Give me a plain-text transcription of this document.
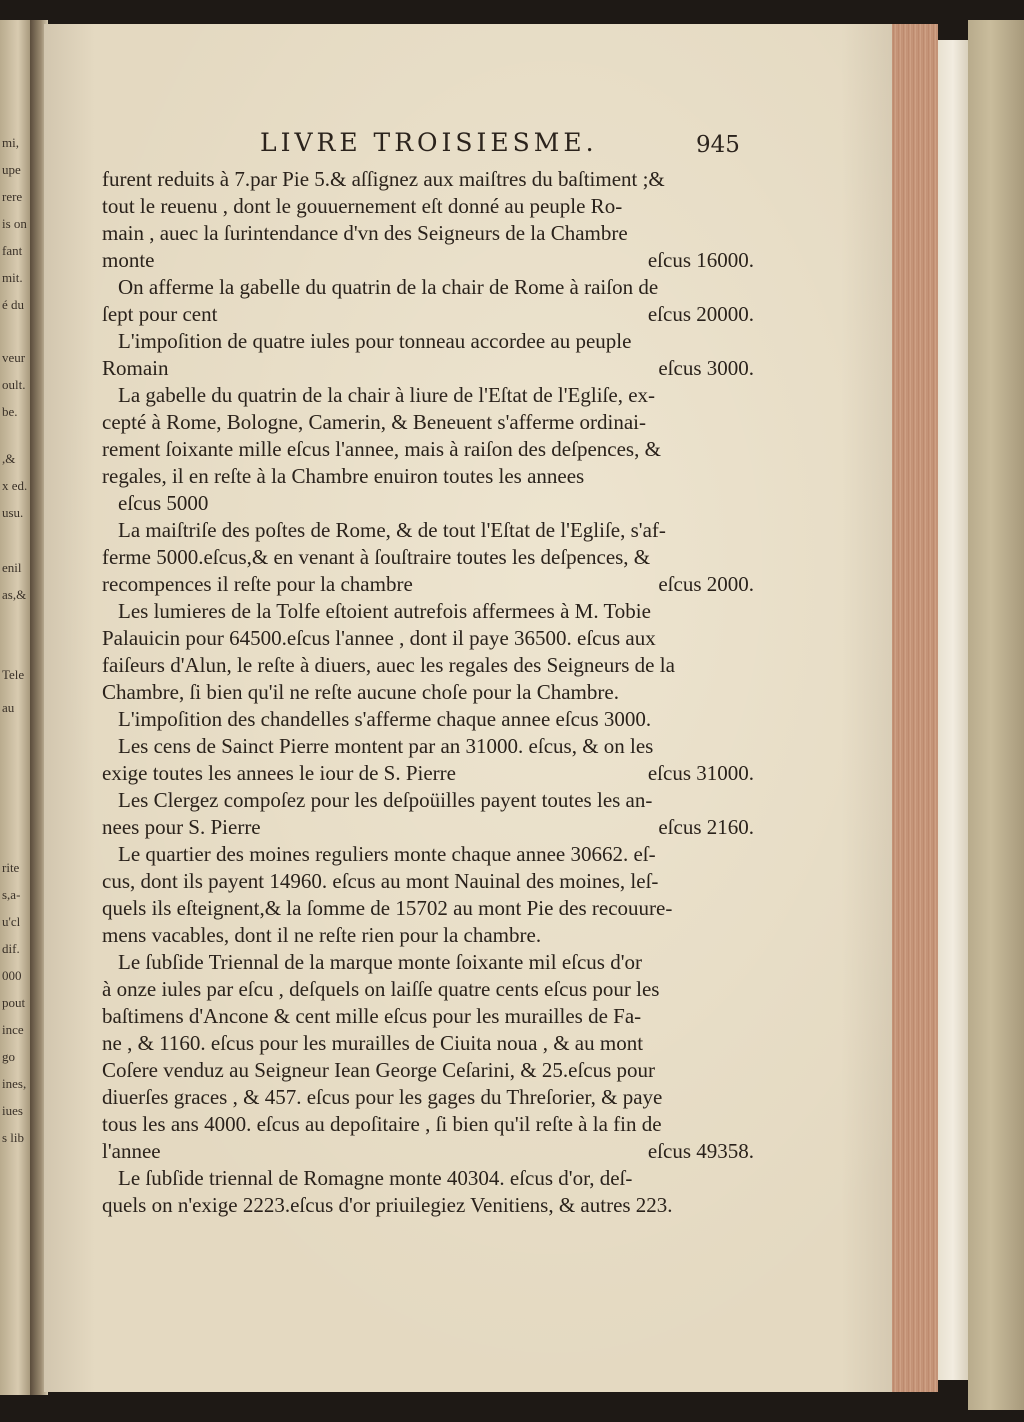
mi,
upe
rere
is on
fant
mit.
é du
veur
oult.
be.
,&
x ed.
usu.
enil
as,&
Tele
au
rite
s,a-
u'cl
dif.
000
pout
ince
go
ines,
iues
s lib
LIVRE TROISIESME.	945
furent reduits à 7.par Pie 5.& aſſignez aux maiſtres du baſtiment ;&
tout le reuenu , dont le gouuernement eſt donné au peuple Ro-
main , auec la ſurintendance d'vn des Seigneurs de la Chambre
monte	eſcus 16000.
On afferme la gabelle du quatrin de la chair de Rome à raiſon de
ſept pour cent	eſcus 20000.
L'impoſition de quatre iules pour tonneau accordee au peuple
Romain	eſcus 3000.
La gabelle du quatrin de la chair à liure de l'Eſtat de l'Egliſe, ex-
cepté à Rome, Bologne, Camerin, & Beneuent s'afferme ordinai-
rement ſoixante mille eſcus l'annee, mais à raiſon des deſpences, &
regales, il en reſte à la Chambre enuiron toutes les annees
eſcus 5000
La maiſtriſe des poſtes de Rome, & de tout l'Eſtat de l'Egliſe, s'af-
ferme 5000.eſcus,& en venant à ſouſtraire toutes les deſpences, &
recompences il reſte pour la chambre	eſcus 2000.
Les lumieres de la Tolfe eſtoient autrefois affermees à M. Tobie
Palauicin pour 64500.eſcus l'annee , dont il paye 36500. eſcus aux
faiſeurs d'Alun, le reſte à diuers, auec les regales des Seigneurs de la
Chambre, ſi bien qu'il ne reſte aucune choſe pour la Chambre.
L'impoſition des chandelles s'afferme chaque annee eſcus 3000.
Les cens de Sainct Pierre montent par an 31000. eſcus, & on les
exige toutes les annees le iour de S. Pierre	eſcus 31000.
Les Clergez compoſez pour les deſpoüilles payent toutes les an-
nees pour S. Pierre	eſcus 2160.
Le quartier des moines reguliers monte chaque annee 30662. eſ-
cus, dont ils payent 14960. eſcus au mont Nauinal des moines, leſ-
quels ils eſteignent,& la ſomme de 15702 au mont Pie des recouure-
mens vacables, dont il ne reſte rien pour la chambre.
Le ſubſide Triennal de la marque monte ſoixante mil eſcus d'or
à onze iules par eſcu , deſquels on laiſſe quatre cents eſcus pour les
baſtimens d'Ancone & cent mille eſcus pour les murailles de Fa-
ne , & 1160. eſcus pour les murailles de Ciuita noua , & au mont
Coſere venduz au Seigneur Iean George Ceſarini, & 25.eſcus pour
diuerſes graces , & 457. eſcus pour les gages du Threſorier, & paye
tous les ans 4000. eſcus au depoſitaire , ſi bien qu'il reſte à la fin de
l'annee	eſcus 49358.
Le ſubſide triennal de Romagne monte 40304. eſcus d'or, deſ-
quels on n'exige 2223.eſcus d'or priuilegiez Venitiens, & autres 223.
